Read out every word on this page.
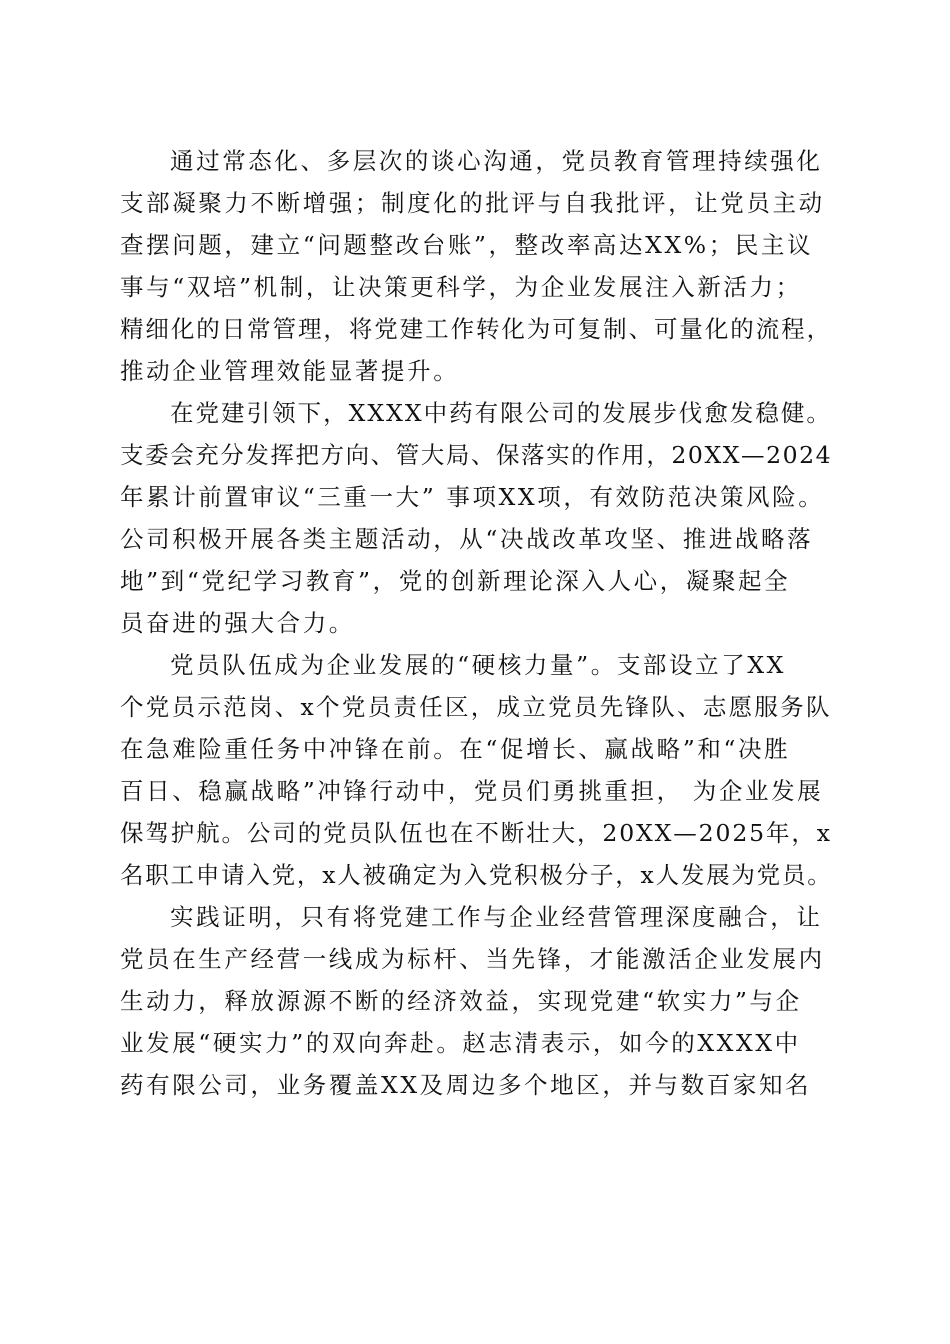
通过常态化、多层次的谈心沟通，党员教育管理持续强化
支部凝聚力不断增强；制度化的批评与自我批评，让党员主动
查摆问题，建立“问题整改台账”，整改率高达XX%；民主议
事与“双培”机制，让决策更科学，为企业发展注入新活力；
精细化的日常管理，将党建工作转化为可复制、可量化的流程，
推动企业管理效能显著提升。
在党建引领下，XXXX中药有限公司的发展步伐愈发稳健。
支委会充分发挥把方向、管大局、保落实的作用，20XX—2024
年累计前置审议“三重一大” 事项XX项，有效防范决策风险。
公司积极开展各类主题活动，从“决战改革攻坚、推进战略落
地”到“党纪学习教育”，党的创新理论深入人心，凝聚起全
员奋进的强大合力。
党员队伍成为企业发展的“硬核力量”。支部设立了XX
个党员示范岗、x个党员责任区，成立党员先锋队、志愿服务队
在急难险重任务中冲锋在前。在“促增长、赢战略”和“决胜
百日、稳赢战略”冲锋行动中，党员们勇挑重担， 为企业发展
保驾护航。公司的党员队伍也在不断壮大，20XX—2025年，x
名职工申请入党，x人被确定为入党积极分子，x人发展为党员。
实践证明，只有将党建工作与企业经营管理深度融合，让
党员在生产经营一线成为标杆、当先锋，才能激活企业发展内
生动力，释放源源不断的经济效益，实现党建“软实力”与企
业发展“硬实力”的双向奔赴。赵志清表示，如今的XXXX中
药有限公司，业务覆盖XX及周边多个地区，并与数百家知名
